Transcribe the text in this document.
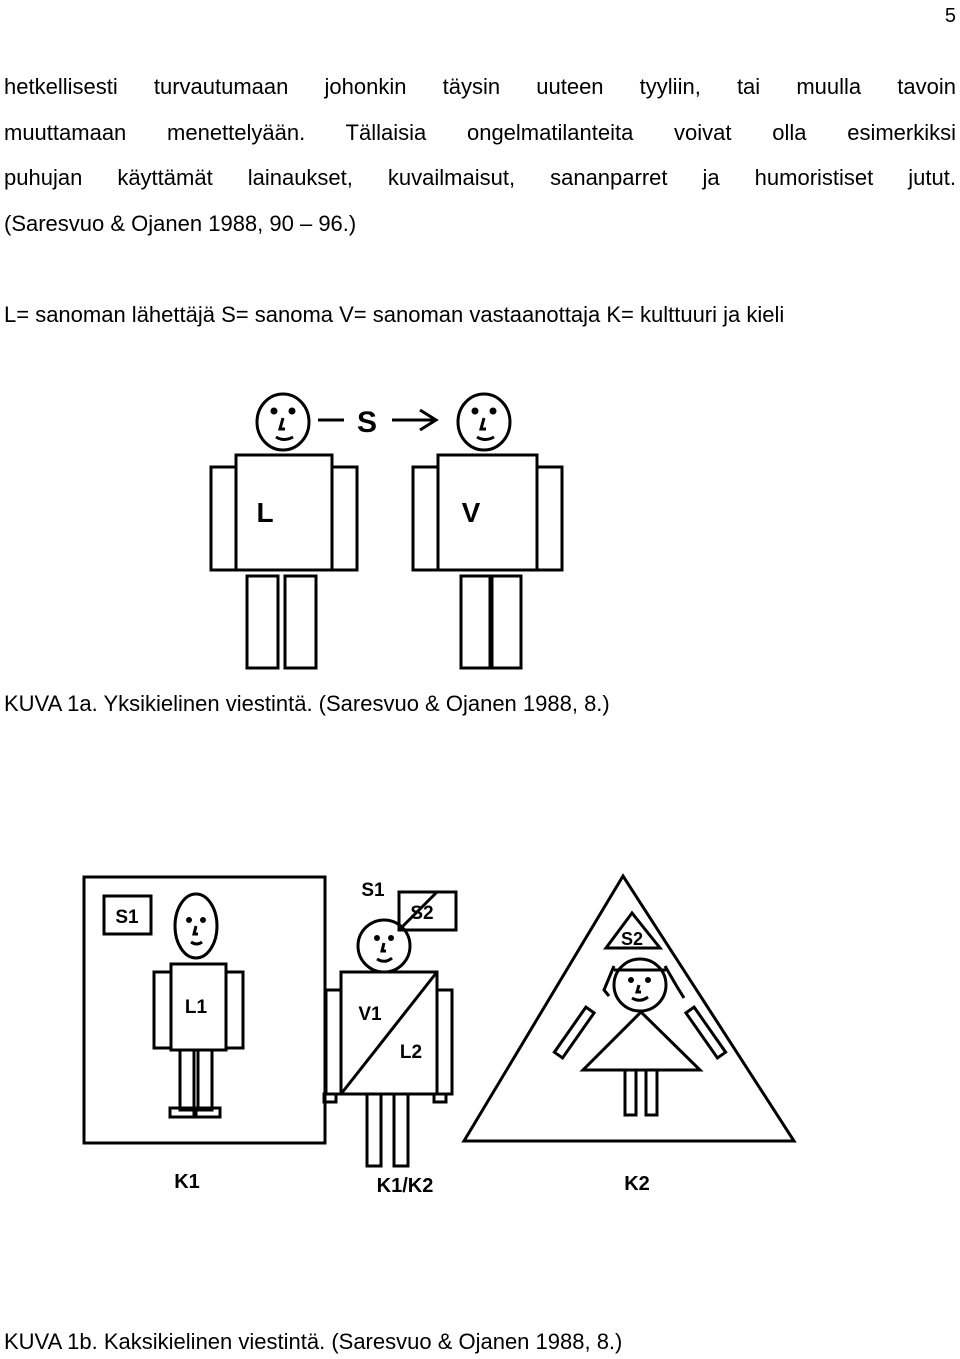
5
hetkellisesti turvautumaan johonkin täysin uuteen tyyliin, tai muulla tavoin
muuttamaan menettelyään. Tällaisia ongelmatilanteita voivat olla esimerkiksi
puhujan käyttämät lainaukset, kuvailmaisut, sananparret ja humoristiset jutut.
(Saresvuo & Ojanen 1988, 90 – 96.)
L= sanoman lähettäjä S= sanoma V= sanoman vastaanottaja K= kulttuuri ja kieli
S
L	V
KUVA 1a. Yksikielinen viestintä. (Saresvuo & Ojanen 1988, 8.)
S1
L1
K1
S1
S2
V1
L2
K1/K2
S2
K2
KUVA 1b. Kaksikielinen viestintä. (Saresvuo & Ojanen 1988, 8.)
